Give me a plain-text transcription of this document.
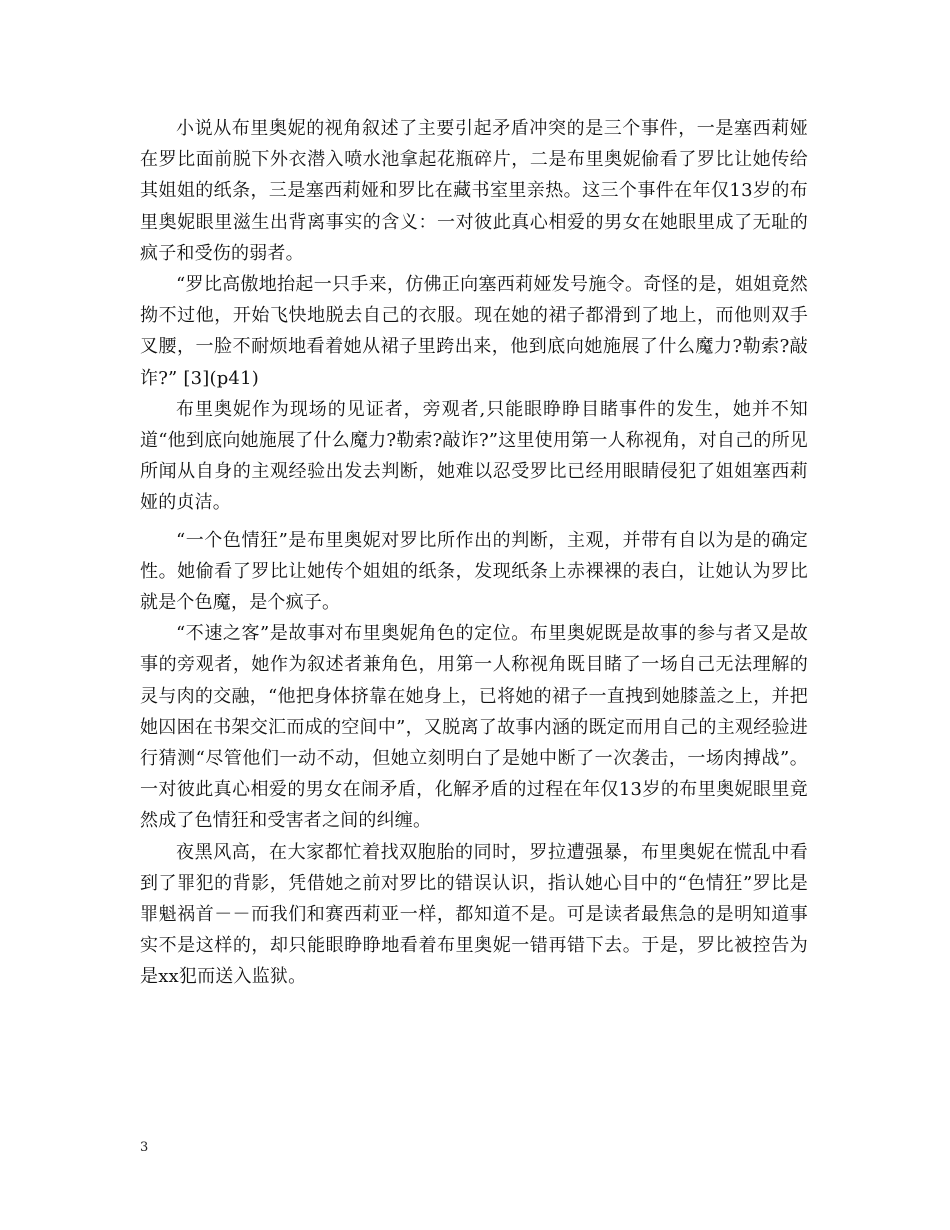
小说从布里奥妮的视角叙述了主要引起矛盾冲突的是三个事件，一是塞西莉娅在罗比面前脱下外衣潜入喷水池拿起花瓶碎片，二是布里奥妮偷看了罗比让她传给其姐姐的纸条，三是塞西莉娅和罗比在藏书室里亲热。这三个事件在年仅13岁的布里奥妮眼里滋生出背离事实的含义：一对彼此真心相爱的男女在她眼里成了无耻的疯子和受伤的弱者。

“罗比高傲地抬起一只手来，仿佛正向塞西莉娅发号施令。奇怪的是，姐姐竟然拗不过他，开始飞快地脱去自己的衣服。现在她的裙子都滑到了地上，而他则双手叉腰，一脸不耐烦地看着她从裙子里跨出来，他到底向她施展了什么魔力?勒索?敲诈?” [3](p41)

布里奥妮作为现场的见证者，旁观者,只能眼睁睁目睹事件的发生，她并不知道“他到底向她施展了什么魔力?勒索?敲诈?”这里使用第一人称视角，对自己的所见所闻从自身的主观经验出发去判断，她难以忍受罗比已经用眼睛侵犯了姐姐塞西莉娅的贞洁。

“一个色情狂”是布里奥妮对罗比所作出的判断，主观，并带有自以为是的确定性。她偷看了罗比让她传个姐姐的纸条，发现纸条上赤裸裸的表白，让她认为罗比就是个色魔，是个疯子。

“不速之客”是故事对布里奥妮角色的定位。布里奥妮既是故事的参与者又是故事的旁观者，她作为叙述者兼角色，用第一人称视角既目睹了一场自己无法理解的灵与肉的交融，“他把身体挤靠在她身上，已将她的裙子一直拽到她膝盖之上，并把她囚困在书架交汇而成的空间中”，又脱离了故事内涵的既定而用自己的主观经验进行猜测“尽管他们一动不动，但她立刻明白了是她中断了一次袭击，一场肉搏战”。一对彼此真心相爱的男女在闹矛盾，化解矛盾的过程在年仅13岁的布里奥妮眼里竟然成了色情狂和受害者之间的纠缠。

夜黑风高，在大家都忙着找双胞胎的同时，罗拉遭强暴，布里奥妮在慌乱中看到了罪犯的背影，凭借她之前对罗比的错误认识，指认她心目中的“色情狂”罗比是罪魁祸首－－而我们和赛西莉亚一样，都知道不是。可是读者最焦急的是明知道事实不是这样的，却只能眼睁睁地看着布里奥妮一错再错下去。于是，罗比被控告为是xx犯而送入监狱。

3
